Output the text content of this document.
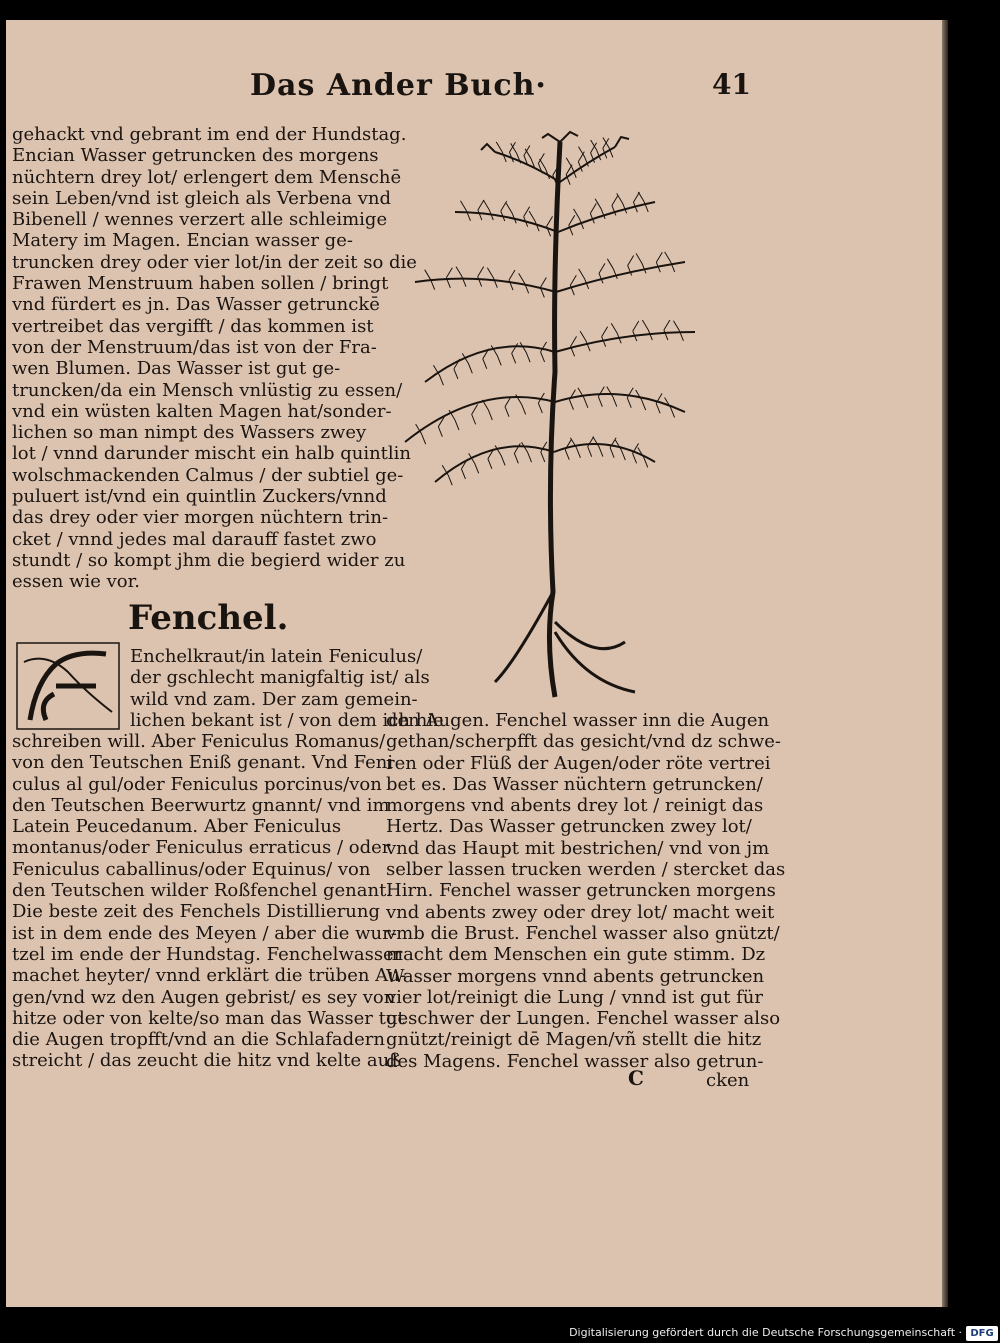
Das Ander Buch·	41
gehackt vnd gebrant im end der Hundstag.
Encian Wasser getruncken des morgens
nüchtern drey lot/ erlengert dem Menschē
sein Leben/vnd ist gleich als Verbena vnd
Bibenell / wennes verzert alle schleimige
Matery im Magen. Encian wasser ge-
truncken drey oder vier lot/in der zeit so die
Frawen Menstruum haben sollen / bringt
vnd fürdert es jn. Das Wasser getrunckē
vertreibet das vergifft / das kommen ist
von der Menstruum/das ist von der Fra-
wen Blumen. Das Wasser ist gut ge-
truncken/da ein Mensch vnlüstig zu essen/
vnd ein wüsten kalten Magen hat/sonder-
lichen so man nimpt des Wassers zwey
lot / vnnd darunder mischt ein halb quintlin
wolschmackenden Calmus / der subtiel ge-
puluert ist/vnd ein quintlin Zuckers/vnnd
das drey oder vier morgen nüchtern trin-
cket / vnnd jedes mal darauff fastet zwo
stundt / so kompt jhm die begierd wider zu
essen wie vor.
Fenchel.
F
Enchelkraut/in latein Feniculus/
der gschlecht manigfaltig ist/ als
wild vnd zam. Der zam gemein-
lichen bekant ist / von dem ich hie
schreiben will. Aber Feniculus Romanus/
von den Teutschen Eniß genant. Vnd Feni
culus al gul/oder Feniculus porcinus/von
den Teutschen Beerwurtz gnannt/ vnd im
Latein Peucedanum. Aber Feniculus
montanus/oder Feniculus erraticus / oder
Feniculus caballinus/oder Equinus/ von
den Teutschen wilder Roßfenchel genant.
Die beste zeit des Fenchels Distillierung
ist in dem ende des Meyen / aber die wur-
tzel im ende der Hundstag. Fenchelwasser
machet heyter/ vnnd erklärt die trüben Au-
gen/vnd wz den Augen gebrist/ es sey von
hitze oder von kelte/so man das Wasser tut
die Augen tropfft/vnd an die Schlafadern
streicht / das zeucht die hitz vnd kelte auß
den Augen. Fenchel wasser inn die Augen
gethan/scherpfft das gesicht/vnd dz schwe-
ren oder Flüß der Augen/oder röte vertrei
bet es. Das Wasser nüchtern getruncken/
morgens vnd abents drey lot / reinigt das
Hertz. Das Wasser getruncken zwey lot/
vnd das Haupt mit bestrichen/ vnd von jm
selber lassen trucken werden / stercket das
Hirn. Fenchel wasser getruncken morgens
vnd abents zwey oder drey lot/ macht weit
vmb die Brust. Fenchel wasser also gnützt/
macht dem Menschen ein gute stimm. Dz
Wasser morgens vnnd abents getruncken
vier lot/reinigt die Lung / vnnd ist gut für
geschwer der Lungen. Fenchel wasser also
gnützt/reinigt dē Magen/vñ stellt die hitz
des Magens. Fenchel wasser also getrun-
C	cken
Digitalisierung gefördert durch die Deutsche Forschungsgemeinschaft · DFG
